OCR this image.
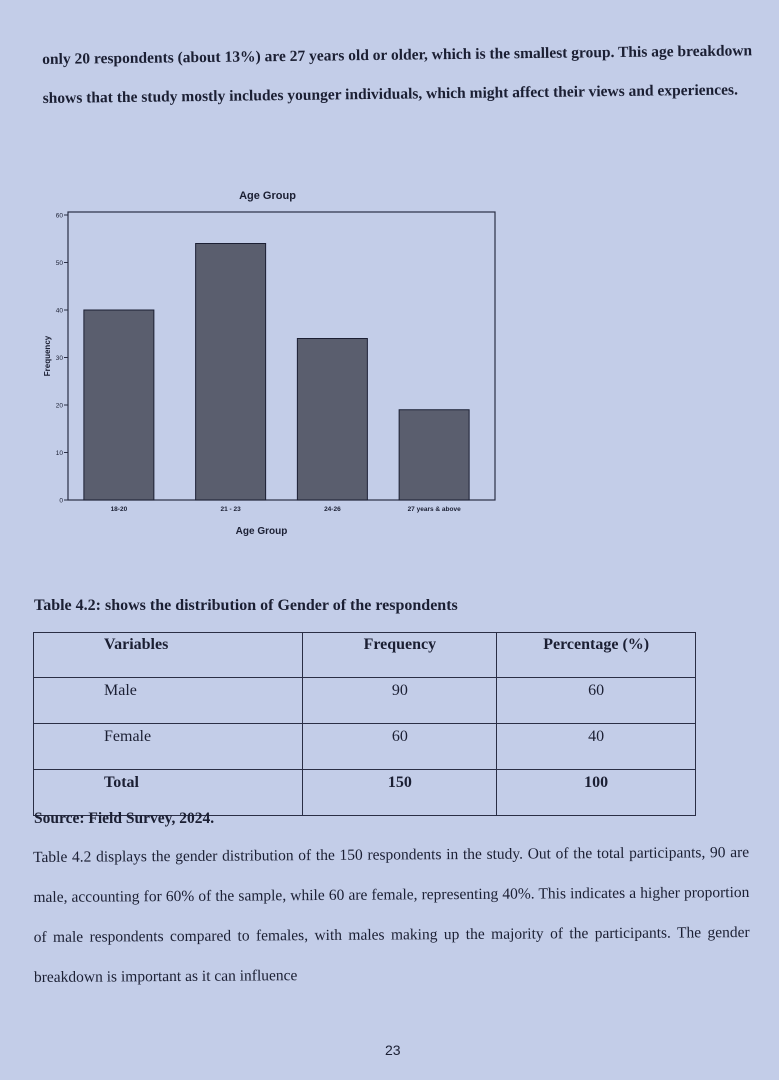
only 20 respondents (about 13%) are 27 years old or older, which is the smallest group. This age breakdown shows that the study mostly includes younger individuals, which might affect their views and experiences.

Age Group
Frequency
0
10
20
30
40
50
60
18-20	21 - 23	24-26	27 years & above
Age Group

Table 4.2: shows the distribution of Gender of the respondents

Variables	Frequency	Percentage (%)
Male	90	60
Female	60	40
Total	150	100

Source: Field Survey, 2024.

Table 4.2 displays the gender distribution of the 150 respondents in the study. Out of the total participants, 90 are male, accounting for 60% of the sample, while 60 are female, representing 40%. This indicates a higher proportion of male respondents compared to females, with males making up the majority of the participants. The gender breakdown is important as it can influence

23
